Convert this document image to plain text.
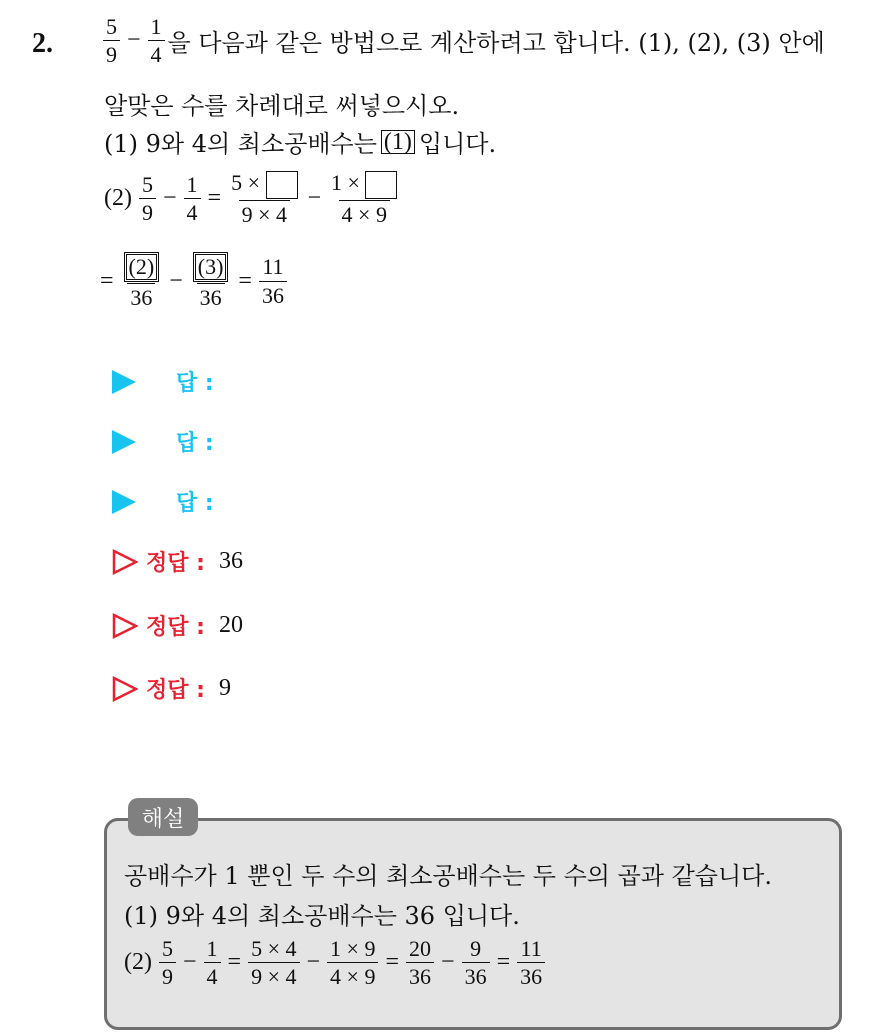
2. $\frac{5}{9} - \frac{1}{4}$ 을 다음과 같은 방법으로 계산하려고 합니다. (1), (2), (3) 안에
알맞은 수를 차례대로 써넣으시오.
(1) 9와 4의 최소공배수는 (1) 입니다.
$(2) \frac{5}{9} - \frac{1}{4} = \frac{5 \times}{9 \times 4} - \frac{1 \times}{4 \times 9}$
= $\frac{(2)}{36} - \frac{(3)}{36} = \frac{11}{36}$
답 :
답 :
답 :
정답 : 36
정답 : 20
정답 : 9
해설
공배수가 1 뿐인 두 수의 최소공배수는 두 수의 곱과 같습니다.
(1) 9와 4의 최소공배수는 36 입니다.
$(2) \frac{5}{9} - \frac{1}{4} = \frac{5 \times 4}{9 \times 4} - \frac{1 \times 9}{4 \times 9} = \frac{20}{36} - \frac{9}{36} = \frac{11}{36}$
